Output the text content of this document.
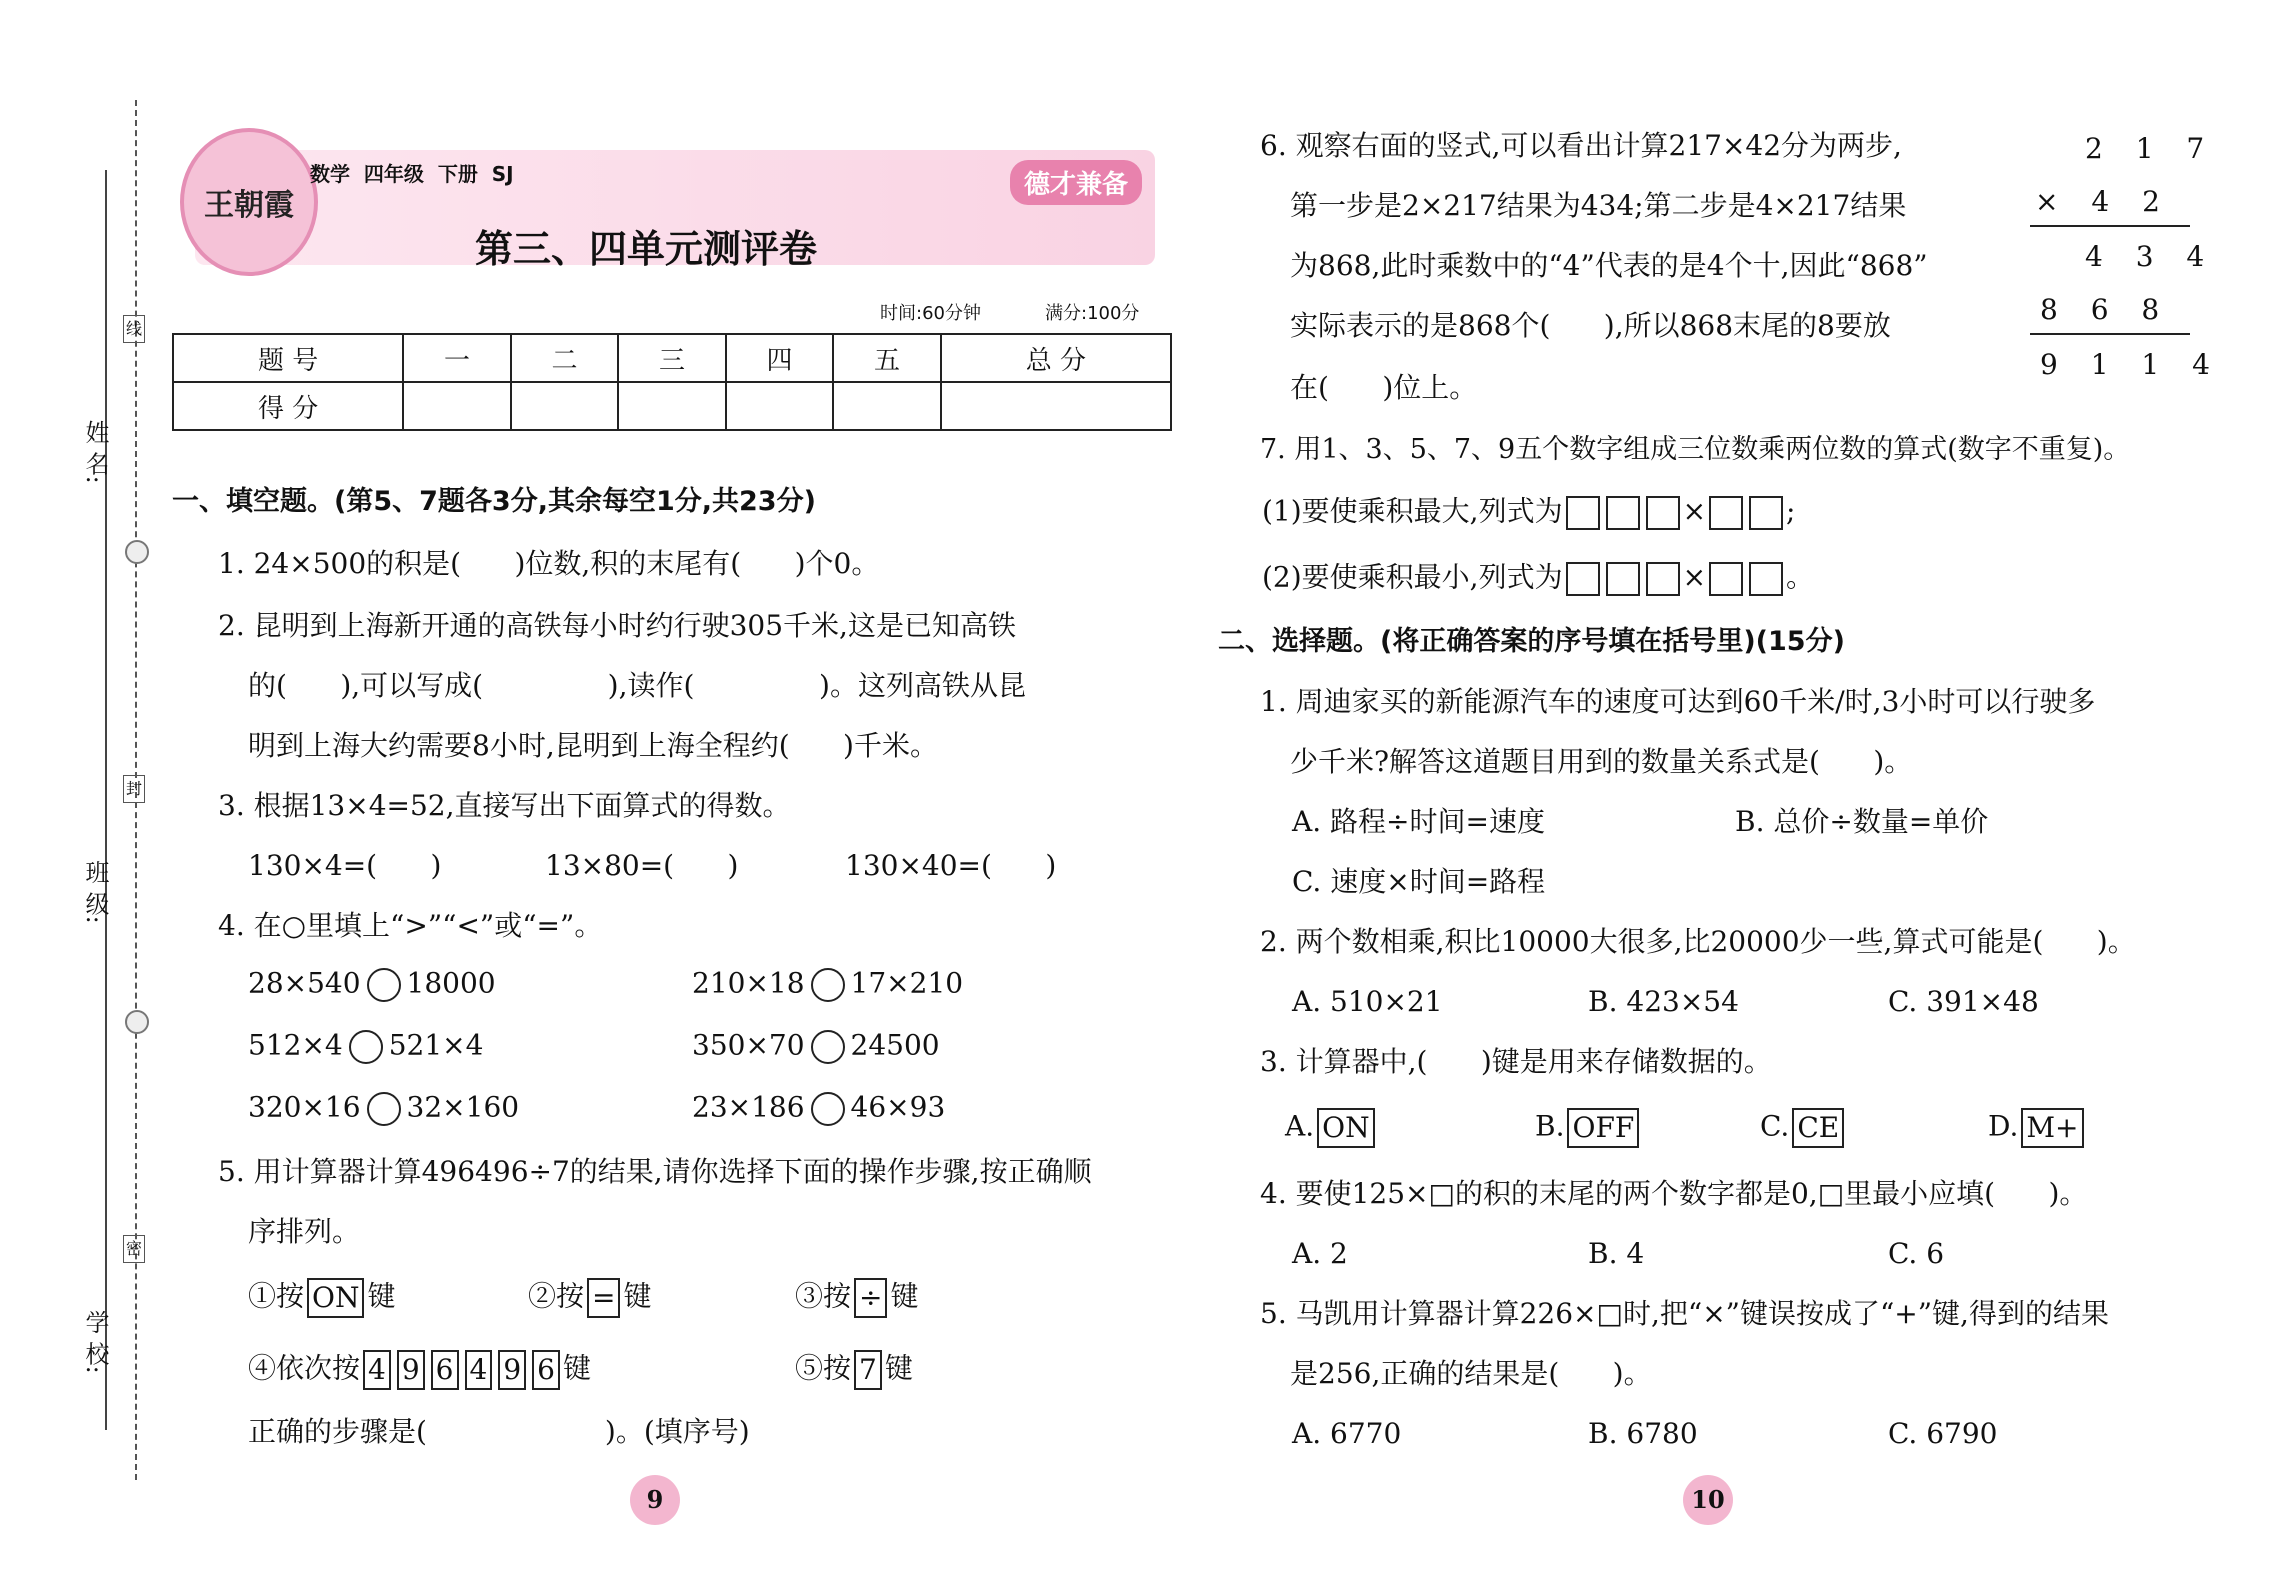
姓 名:
班 级:
学 校:
线
封
密
王朝霞
数学  四年级  下册  SJ
第三、四单元测评卷
德才兼备
时间:60分钟	满分:100分
题 号	一	二	三	四	五	总 分
得 分						
一、填空题。(第5、7题各3分,其余每空1分,共23分)
1. 24×500的积是(      )位数,积的末尾有(      )个0。
2. 昆明到上海新开通的高铁每小时约行驶305千米,这是已知高铁
的(      ),可以写成(              ),读作(              )。这列高铁从昆
明到上海大约需要8小时,昆明到上海全程约(      )千米。
3. 根据13×4=52,直接写出下面算式的得数。
130×4=(      )	13×80=(      )	130×40=(      )
4. 在○里填上“>”“<”或“=”。
28×540 18000	210×18 17×210
512×4 521×4	350×70 24500
320×16 32×160	23×186 46×93
5. 用计算器计算496496÷7的结果,请你选择下面的操作步骤,按正确顺
序排列。
①按 ON 键	②按 = 键	③按 ÷ 键
④依次按 4 9 6 4 9 6 键	⑤按 7 键
正确的步骤是(                    )。(填序号)
9
6. 观察右面的竖式,可以看出计算217×42分为两步,
第一步是2×217结果为434;第二步是4×217结果
为868,此时乘数中的“4”代表的是4个十,因此“868”
实际表示的是868个(      ),所以868末尾的8要放
在(      )位上。
2 1 7
× 4 2
4 3 4
8 6 8
9 1 1 4
7. 用1、3、5、7、9五个数字组成三位数乘两位数的算式(数字不重复)。
(1)要使乘积最大,列式为	×	;
(2)要使乘积最小,列式为	×	。
二、选择题。(将正确答案的序号填在括号里)(15分)
1. 周迪家买的新能源汽车的速度可达到60千米/时,3小时可以行驶多
少千米?解答这道题目用到的数量关系式是(      )。
A. 路程÷时间=速度	B. 总价÷数量=单价
C. 速度×时间=路程
2. 两个数相乘,积比10000大很多,比20000少一些,算式可能是(      )。
A. 510×21	B. 423×54	C. 391×48
3. 计算器中,(      )键是用来存储数据的。
A. ON	B. OFF	C. CE	D. M+
4. 要使125×□的积的末尾的两个数字都是0,□里最小应填(      )。
A. 2	B. 4	C. 6
5. 马凯用计算器计算226×□时,把“×”键误按成了“+”键,得到的结果
是256,正确的结果是(      )。
A. 6770	B. 6780	C. 6790
10
